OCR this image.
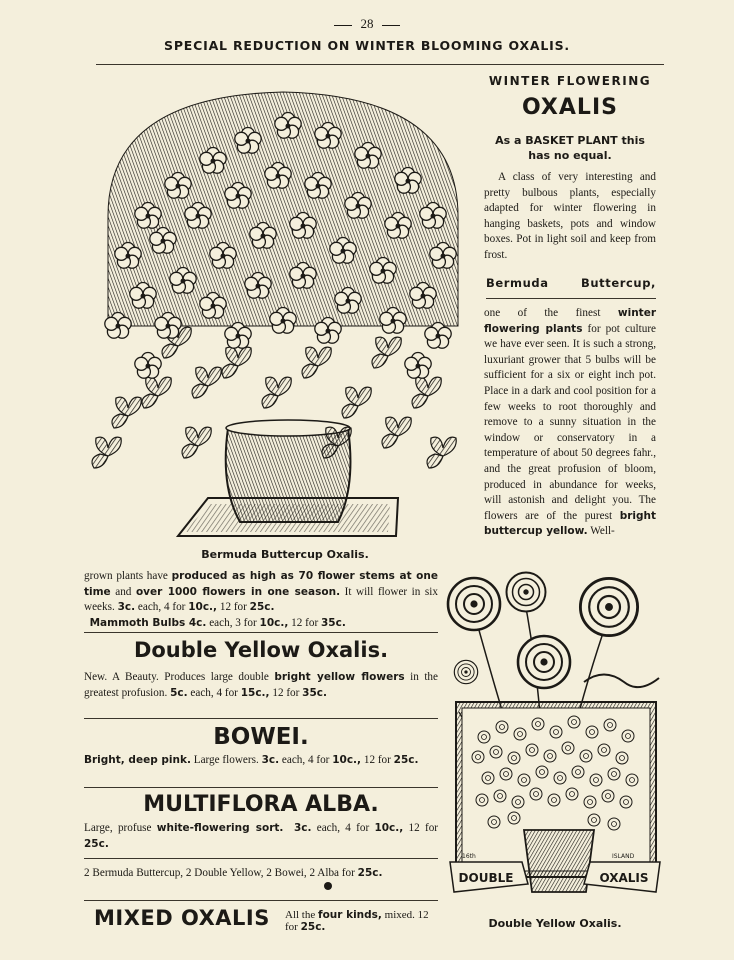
28
SPECIAL REDUCTION ON WINTER BLOOMING OXALIS.
Bermuda Buttercup Oxalis.
WINTER FLOWERING
OXALIS
As a BASKET PLANT this
has no equal.
A class of very interesting and pretty bulbous plants, especially adapted for winter flowering in hanging baskets, pots and window boxes. Pot in light soil and keep from frost.
Bermuda	Buttercup,
one of the finest winter flowering plants for pot culture we have ever seen. It is such a strong, luxuriant grower that 5 bulbs will be sufficient for a six or eight inch pot. Place in a dark and cool position for a few weeks to root thoroughly and remove to a sunny situation in the window or conservatory in a temperature of about 50 degrees fahr., and the great profusion of bloom, produced in abundance for weeks, will astonish and delight you. The flowers are of the purest bright buttercup yellow. Well-
grown plants have produced as high as 70 flower stems at one time and over 1000 flowers in one season. It will flower in six weeks. 3c. each, 4 for 10c., 12 for 25c.
Mammoth Bulbs 4c. each, 3 for 10c., 12 for 35c.
Double Yellow Oxalis.
New. A Beauty. Produces large double bright yellow flowers in the greatest profusion. 5c. each, 4 for 15c., 12 for 35c.
BOWEI.
Bright, deep pink. Large flowers. 3c. each, 4 for 10c., 12 for 25c.
MULTIFLORA ALBA.
Large, profuse white-flowering sort. 3c. each, 4 for 10c., 12 for 25c.
2 Bermuda Buttercup, 2 Double Yellow, 2 Bowei, 2 Alba for 25c.
MIXED OXALIS All the four kinds, mixed. 12 for 25c.
DOUBLE	OXALIS
16th	ISLAND
Double Yellow Oxalis.
